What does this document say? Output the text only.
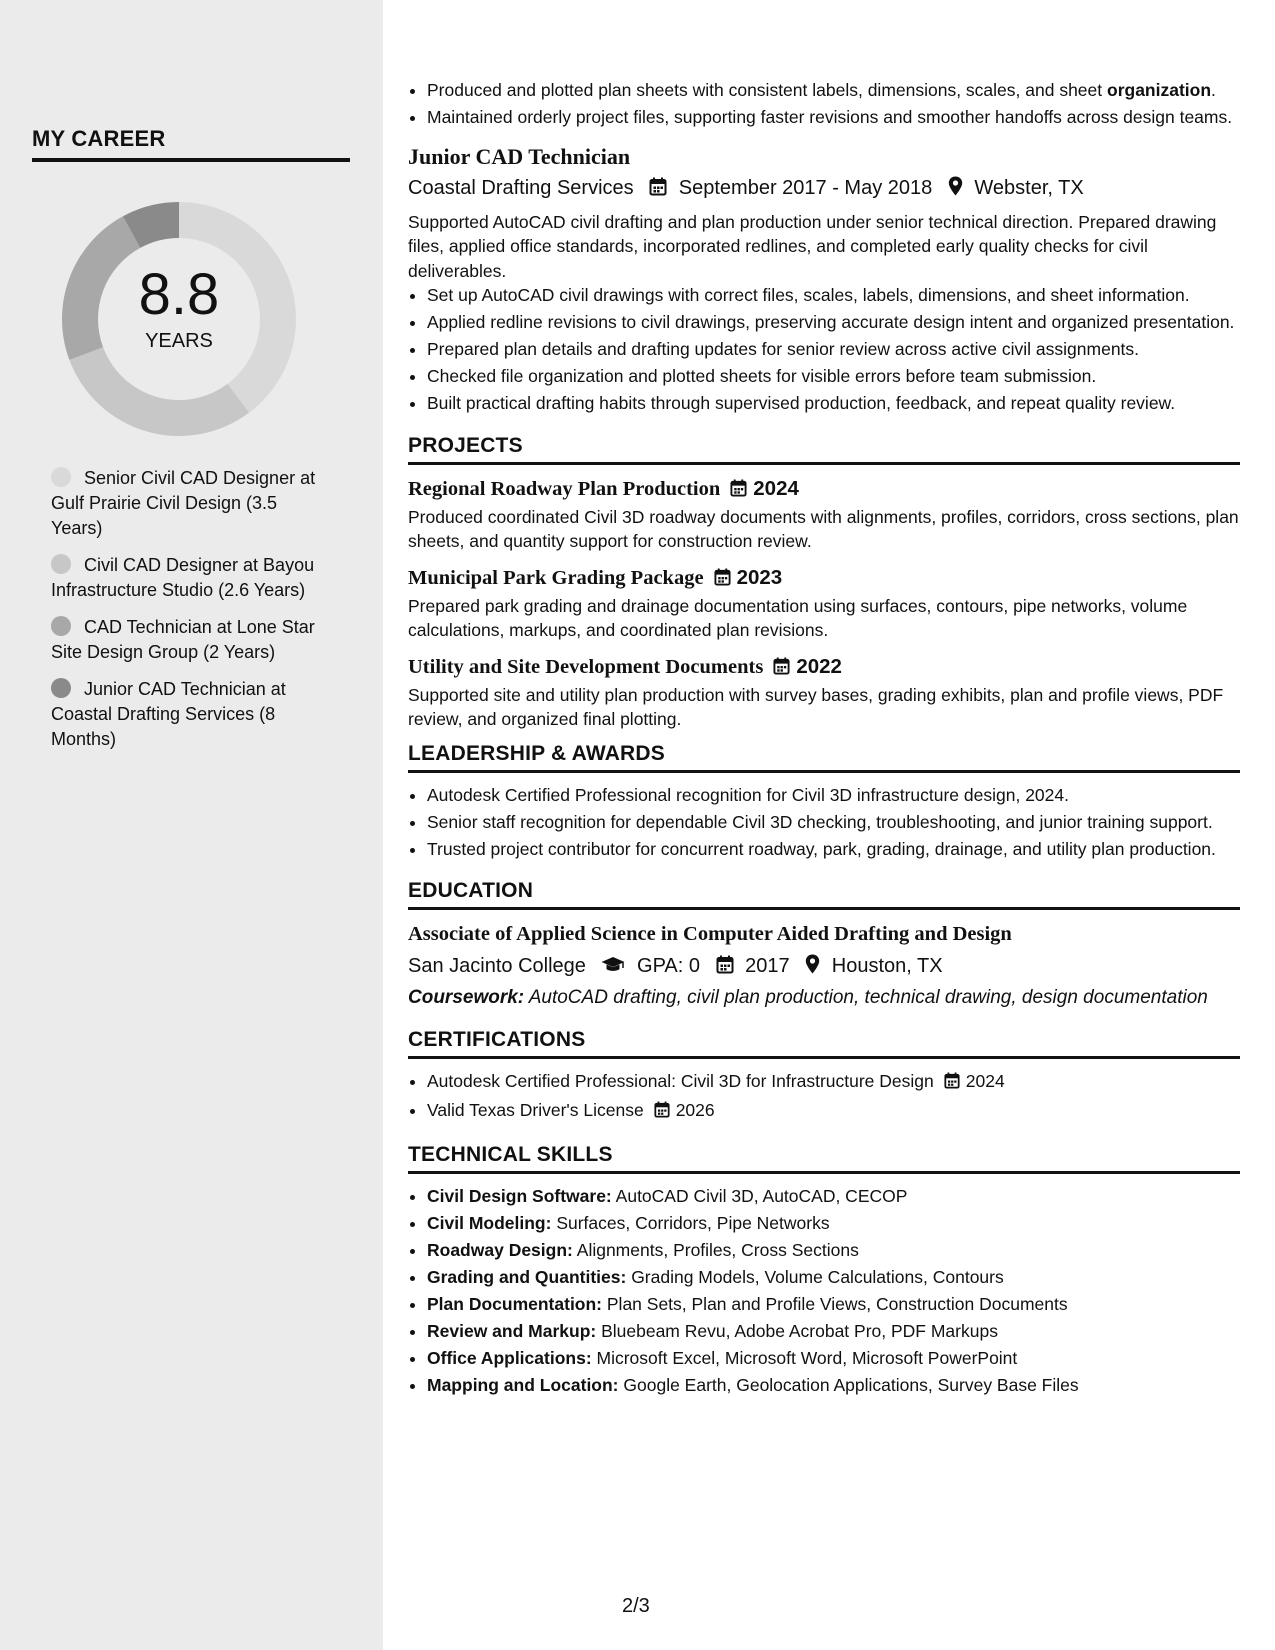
MY CAREER
8.8
YEARS
Senior Civil CAD Designer at Gulf Prairie Civil Design (3.5 Years)
Civil CAD Designer at Bayou Infrastructure Studio (2.6 Years)
CAD Technician at Lone Star Site Design Group (2 Years)
Junior CAD Technician at Coastal Drafting Services (8 Months)
• Produced and plotted plan sheets with consistent labels, dimensions, scales, and sheet organization.
• Maintained orderly project files, supporting faster revisions and smoother handoffs across design teams.
Junior CAD Technician
Coastal Drafting Services September 2017 - May 2018 Webster, TX
Supported AutoCAD civil drafting and plan production under senior technical direction. Prepared drawing files, applied office standards, incorporated redlines, and completed early quality checks for civil deliverables.
• Set up AutoCAD civil drawings with correct files, scales, labels, dimensions, and sheet information.
• Applied redline revisions to civil drawings, preserving accurate design intent and organized presentation.
• Prepared plan details and drafting updates for senior review across active civil assignments.
• Checked file organization and plotted sheets for visible errors before team submission.
• Built practical drafting habits through supervised production, feedback, and repeat quality review.
PROJECTS
Regional Roadway Plan Production 2024
Produced coordinated Civil 3D roadway documents with alignments, profiles, corridors, cross sections, plan sheets, and quantity support for construction review.
Municipal Park Grading Package 2023
Prepared park grading and drainage documentation using surfaces, contours, pipe networks, volume calculations, markups, and coordinated plan revisions.
Utility and Site Development Documents 2022
Supported site and utility plan production with survey bases, grading exhibits, plan and profile views, PDF review, and organized final plotting.
LEADERSHIP & AWARDS
• Autodesk Certified Professional recognition for Civil 3D infrastructure design, 2024.
• Senior staff recognition for dependable Civil 3D checking, troubleshooting, and junior training support.
• Trusted project contributor for concurrent roadway, park, grading, drainage, and utility plan production.
EDUCATION
Associate of Applied Science in Computer Aided Drafting and Design
San Jacinto College	GPA: 0 2017 Houston, TX
Coursework: AutoCAD drafting, civil plan production, technical drawing, design documentation
CERTIFICATIONS
• Autodesk Certified Professional: Civil 3D for Infrastructure Design 2024
• Valid Texas Driver's License 2026
TECHNICAL SKILLS
• Civil Design Software: AutoCAD Civil 3D, AutoCAD, CECOP
• Civil Modeling: Surfaces, Corridors, Pipe Networks
• Roadway Design: Alignments, Profiles, Cross Sections
• Grading and Quantities: Grading Models, Volume Calculations, Contours
• Plan Documentation: Plan Sets, Plan and Profile Views, Construction Documents
• Review and Markup: Bluebeam Revu, Adobe Acrobat Pro, PDF Markups
• Office Applications: Microsoft Excel, Microsoft Word, Microsoft PowerPoint
• Mapping and Location: Google Earth, Geolocation Applications, Survey Base Files
2/3
